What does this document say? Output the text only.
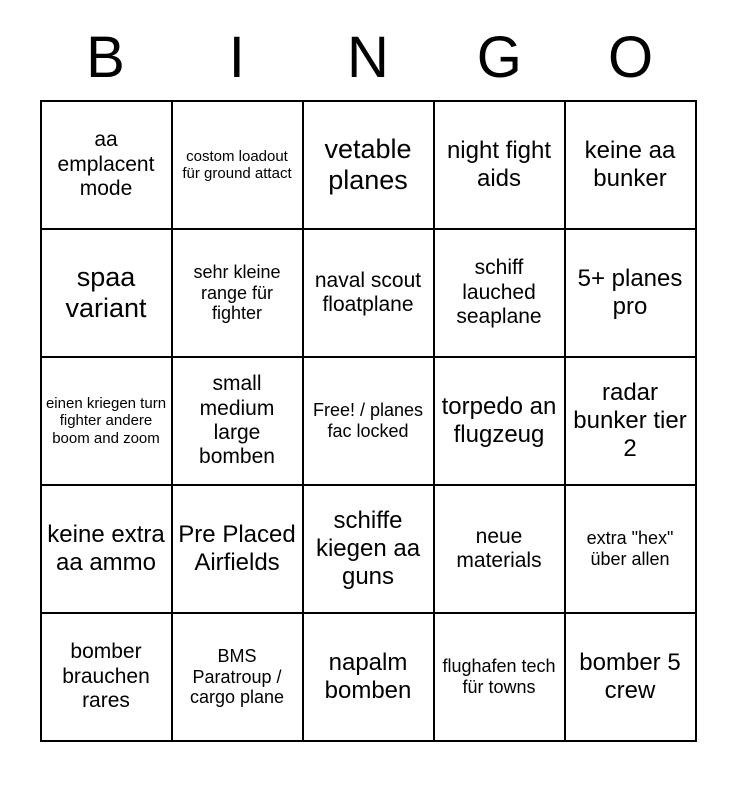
B	I	N	G	O
aa emplacent mode	costom loadout für ground attact	vetable planes	night fight aids	keine aa bunker
spaa variant	sehr kleine range für fighter	naval scout floatplane	schiff lauched seaplane	5+ planes pro
einen kriegen turn fighter andere boom and zoom	small medium large bomben	Free! / planes fac locked	torpedo an flugzeug	radar bunker tier 2
keine extra aa ammo	Pre Placed Airfields	schiffe kiegen aa guns	neue materials	extra "hex" über allen
bomber brauchen rares	BMS Paratroup / cargo plane	napalm bomben	flughafen tech für towns	bomber 5 crew
